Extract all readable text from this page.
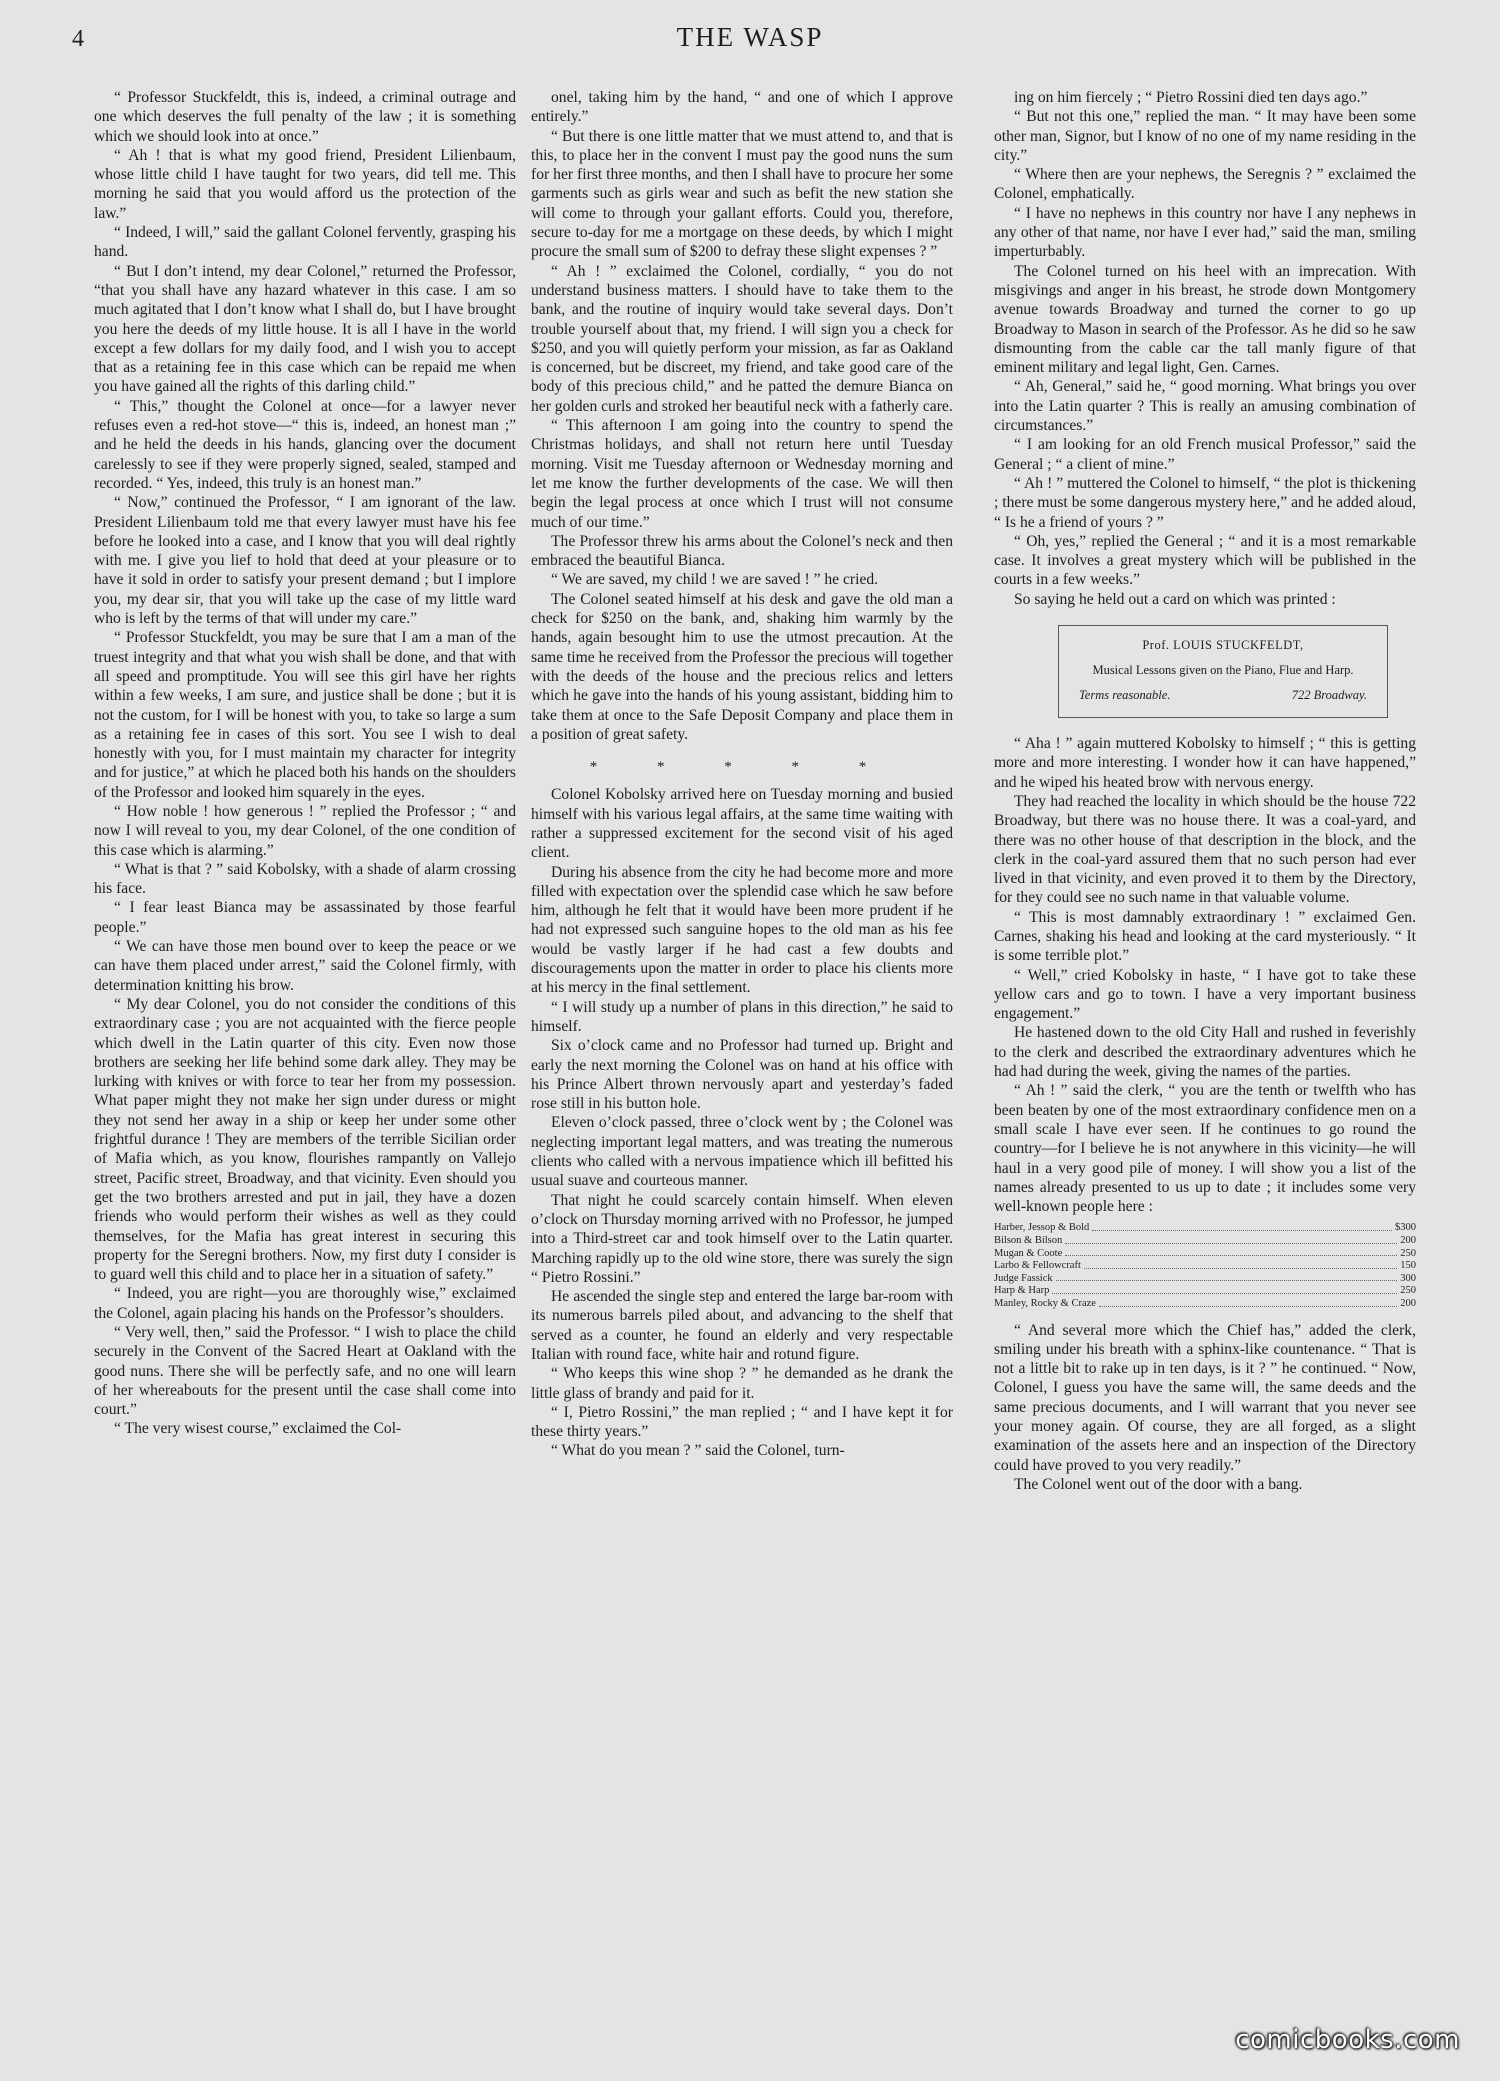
4	THE WASP

“ Professor Stuckfeldt, this is, indeed, a criminal outrage and one which deserves the full penalty of the law ; it is something which we should look into at once.”

“ Ah ! that is what my good friend, President Lilienbaum, whose little child I have taught for two years, did tell me. This morning he said that you would afford us the protection of the law.”

“ Indeed, I will,” said the gallant Colonel fervently, grasping his hand.

“ But I don’t intend, my dear Colonel,” returned the Professor, “that you shall have any hazard whatever in this case. I am so much agitated that I don’t know what I shall do, but I have brought you here the deeds of my little house. It is all I have in the world except a few dollars for my daily food, and I wish you to accept that as a retaining fee in this case which can be repaid me when you have gained all the rights of this darling child.”

“ This,” thought the Colonel at once—for a lawyer never refuses even a red-hot stove—“ this is, indeed, an honest man ;” and he held the deeds in his hands, glancing over the document carelessly to see if they were properly signed, sealed, stamped and recorded. “ Yes, indeed, this truly is an honest man.”

“ Now,” continued the Professor, “ I am ignorant of the law. President Lilienbaum told me that every lawyer must have his fee before he looked into a case, and I know that you will deal rightly with me. I give you lief to hold that deed at your pleasure or to have it sold in order to satisfy your present demand ; but I implore you, my dear sir, that you will take up the case of my little ward who is left by the terms of that will under my care.”

“ Professor Stuckfeldt, you may be sure that I am a man of the truest integrity and that what you wish shall be done, and that with all speed and promptitude. You will see this girl have her rights within a few weeks, I am sure, and justice shall be done ; but it is not the custom, for I will be honest with you, to take so large a sum as a retaining fee in cases of this sort. You see I wish to deal honestly with you, for I must maintain my character for integrity and for justice,” at which he placed both his hands on the shoulders of the Professor and looked him squarely in the eyes.

“ How noble ! how generous ! ” replied the Professor ; “ and now I will reveal to you, my dear Colonel, of the one condition of this case which is alarming.”

“ What is that ? ” said Kobolsky, with a shade of alarm crossing his face.

“ I fear least Bianca may be assassinated by those fearful people.”

“ We can have those men bound over to keep the peace or we can have them placed under arrest,” said the Colonel firmly, with determination knitting his brow.

“ My dear Colonel, you do not consider the conditions of this extraordinary case ; you are not acquainted with the fierce people which dwell in the Latin quarter of this city. Even now those brothers are seeking her life behind some dark alley. They may be lurking with knives or with force to tear her from my possession. What paper might they not make her sign under duress or might they not send her away in a ship or keep her under some other frightful durance ! They are members of the terrible Sicilian order of Mafia which, as you know, flourishes rampantly on Vallejo street, Pacific street, Broadway, and that vicinity. Even should you get the two brothers arrested and put in jail, they have a dozen friends who would perform their wishes as well as they could themselves, for the Mafia has great interest in securing this property for the Seregni brothers. Now, my first duty I consider is to guard well this child and to place her in a situation of safety.”

“ Indeed, you are right—you are thoroughly wise,” exclaimed the Colonel, again placing his hands on the Professor’s shoulders.

“ Very well, then,” said the Professor. “ I wish to place the child securely in the Convent of the Sacred Heart at Oakland with the good nuns. There she will be perfectly safe, and no one will learn of her whereabouts for the present until the case shall come into court.”

“ The very wisest course,” exclaimed the Col-

onel, taking him by the hand, “ and one of which I approve entirely.”

“ But there is one little matter that we must attend to, and that is this, to place her in the convent I must pay the good nuns the sum for her first three months, and then I shall have to procure her some garments such as girls wear and such as befit the new station she will come to through your gallant efforts. Could you, therefore, secure to-day for me a mortgage on these deeds, by which I might procure the small sum of $200 to defray these slight expenses ? ”

“ Ah ! ” exclaimed the Colonel, cordially, “ you do not understand business matters. I should have to take them to the bank, and the routine of inquiry would take several days. Don’t trouble yourself about that, my friend. I will sign you a check for $250, and you will quietly perform your mission, as far as Oakland is concerned, but be discreet, my friend, and take good care of the body of this precious child,” and he patted the demure Bianca on her golden curls and stroked her beautiful neck with a fatherly care.

“ This afternoon I am going into the country to spend the Christmas holidays, and shall not return here until Tuesday morning. Visit me Tuesday afternoon or Wednesday morning and let me know the further developments of the case. We will then begin the legal process at once which I trust will not consume much of our time.”

The Professor threw his arms about the Colonel’s neck and then embraced the beautiful Bianca.

“ We are saved, my child ! we are saved ! ” he cried.

The Colonel seated himself at his desk and gave the old man a check for $250 on the bank, and, shaking him warmly by the hands, again besought him to use the utmost precaution. At the same time he received from the Professor the precious will together with the deeds of the house and the precious relics and letters which he gave into the hands of his young assistant, bidding him to take them at once to the Safe Deposit Company and place them in a position of great safety.

* * * * *

Colonel Kobolsky arrived here on Tuesday morning and busied himself with his various legal affairs, at the same time waiting with rather a suppressed excitement for the second visit of his aged client.

During his absence from the city he had become more and more filled with expectation over the splendid case which he saw before him, although he felt that it would have been more prudent if he had not expressed such sanguine hopes to the old man as his fee would be vastly larger if he had cast a few doubts and discouragements upon the matter in order to place his clients more at his mercy in the final settlement.

“ I will study up a number of plans in this direction,” he said to himself.

Six o’clock came and no Professor had turned up. Bright and early the next morning the Colonel was on hand at his office with his Prince Albert thrown nervously apart and yesterday’s faded rose still in his button hole.

Eleven o’clock passed, three o’clock went by ; the Colonel was neglecting important legal matters, and was treating the numerous clients who called with a nervous impatience which ill befitted his usual suave and courteous manner.

That night he could scarcely contain himself. When eleven o’clock on Thursday morning arrived with no Professor, he jumped into a Third-street car and took himself over to the Latin quarter. Marching rapidly up to the old wine store, there was surely the sign “ Pietro Rossini.”

He ascended the single step and entered the large bar-room with its numerous barrels piled about, and advancing to the shelf that served as a counter, he found an elderly and very respectable Italian with round face, white hair and rotund figure.

“ Who keeps this wine shop ? ” he demanded as he drank the little glass of brandy and paid for it.

“ I, Pietro Rossini,” the man replied ; “ and I have kept it for these thirty years.”

“ What do you mean ? ” said the Colonel, turn-

ing on him fiercely ; “ Pietro Rossini died ten days ago.”

“ But not this one,” replied the man. “ It may have been some other man, Signor, but I know of no one of my name residing in the city.”

“ Where then are your nephews, the Seregnis ? ” exclaimed the Colonel, emphatically.

“ I have no nephews in this country nor have I any nephews in any other of that name, nor have I ever had,” said the man, smiling imperturbably.

The Colonel turned on his heel with an imprecation. With misgivings and anger in his breast, he strode down Montgomery avenue towards Broadway and turned the corner to go up Broadway to Mason in search of the Professor. As he did so he saw dismounting from the cable car the tall manly figure of that eminent military and legal light, Gen. Carnes.

“ Ah, General,” said he, “ good morning. What brings you over into the Latin quarter ? This is really an amusing combination of circumstances.”

“ I am looking for an old French musical Professor,” said the General ; “ a client of mine.”

“ Ah ! ” muttered the Colonel to himself, “ the plot is thickening ; there must be some dangerous mystery here,” and he added aloud, “ Is he a friend of yours ? ”

“ Oh, yes,” replied the General ; “ and it is a most remarkable case. It involves a great mystery which will be published in the courts in a few weeks.”

So saying he held out a card on which was printed :

Prof. LOUIS STUCKFELDT,
Musical Lessons given on the Piano, Flue and Harp.
Terms reasonable.	722 Broadway.

“ Aha ! ” again muttered Kobolsky to himself ; “ this is getting more and more interesting. I wonder how it can have happened,” and he wiped his heated brow with nervous energy.

They had reached the locality in which should be the house 722 Broadway, but there was no house there. It was a coal-yard, and there was no other house of that description in the block, and the clerk in the coal-yard assured them that no such person had ever lived in that vicinity, and even proved it to them by the Directory, for they could see no such name in that valuable volume.

“ This is most damnably extraordinary ! ” exclaimed Gen. Carnes, shaking his head and looking at the card mysteriously. “ It is some terrible plot.”

“ Well,” cried Kobolsky in haste, “ I have got to take these yellow cars and go to town. I have a very important business engagement.”

He hastened down to the old City Hall and rushed in feverishly to the clerk and described the extraordinary adventures which he had had during the week, giving the names of the parties.

“ Ah ! ” said the clerk, “ you are the tenth or twelfth who has been beaten by one of the most extraordinary confidence men on a small scale I have ever seen. If he continues to go round the country—for I believe he is not anywhere in this vicinity—he will haul in a very good pile of money. I will show you a list of the names already presented to us up to date ; it includes some very well-known people here :

Harber, Jessop & Bold	$300
Bilson & Bilson	200
Mugan & Coote	250
Larbo & Fellowcraft	150
Judge Fassick	300
Harp & Harp	250
Manley, Rocky & Craze	200

“ And several more which the Chief has,” added the clerk, smiling under his breath with a sphinx-like countenance. “ That is not a little bit to rake up in ten days, is it ? ” he continued. “ Now, Colonel, I guess you have the same will, the same deeds and the same precious documents, and I will warrant that you never see your money again. Of course, they are all forged, as a slight examination of the assets here and an inspection of the Directory could have proved to you very readily.”

The Colonel went out of the door with a bang.

comicbooks.com
